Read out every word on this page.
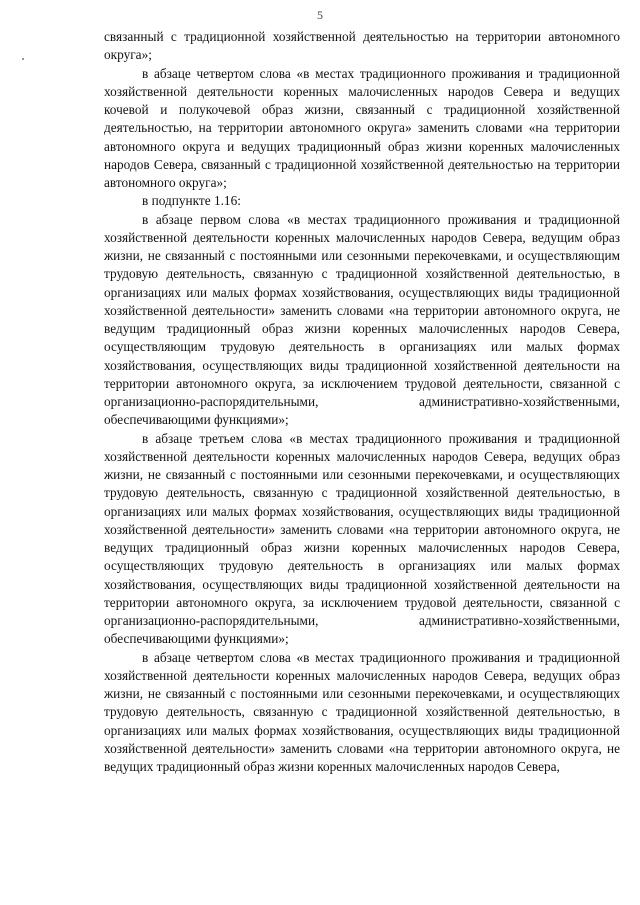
5

связанный с традиционной хозяйственной деятельностью на территории автономного округа»;

в абзаце четвертом слова «в местах традиционного проживания и традиционной хозяйственной деятельности коренных малочисленных народов Севера и ведущих кочевой и полукочевой образ жизни, связанный с традиционной хозяйственной деятельностью, на территории автономного округа» заменить словами «на территории автономного округа и ведущих традиционный образ жизни коренных малочисленных народов Севера, связанный с традиционной хозяйственной деятельностью на территории автономного округа»;

в подпункте 1.16:

в абзаце первом слова «в местах традиционного проживания и традиционной хозяйственной деятельности коренных малочисленных народов Севера, ведущим образ жизни, не связанный с постоянными или сезонными перекочевками, и осуществляющим трудовую деятельность, связанную с традиционной хозяйственной деятельностью, в организациях или малых формах хозяйствования, осуществляющих виды традиционной хозяйственной деятельности» заменить словами «на территории автономного округа, не ведущим традиционный образ жизни коренных малочисленных народов Севера, осуществляющим трудовую деятельность в организациях или малых формах хозяйствования, осуществляющих виды традиционной хозяйственной деятельности на территории автономного округа, за исключением трудовой деятельности, связанной с организационно-распорядительными, административно-хозяйственными, обеспечивающими функциями»;

в абзаце третьем слова «в местах традиционного проживания и традиционной хозяйственной деятельности коренных малочисленных народов Севера, ведущих образ жизни, не связанный с постоянными или сезонными перекочевками, и осуществляющих трудовую деятельность, связанную с традиционной хозяйственной деятельностью, в организациях или малых формах хозяйствования, осуществляющих виды традиционной хозяйственной деятельности» заменить словами «на территории автономного округа, не ведущих традиционный образ жизни коренных малочисленных народов Севера, осуществляющих трудовую деятельность в организациях или малых формах хозяйствования, осуществляющих виды традиционной хозяйственной деятельности на территории автономного округа, за исключением трудовой деятельности, связанной с организационно-распорядительными, административно-хозяйственными, обеспечивающими функциями»;

в абзаце четвертом слова «в местах традиционного проживания и традиционной хозяйственной деятельности коренных малочисленных народов Севера, ведущих образ жизни, не связанный с постоянными или сезонными перекочевками, и осуществляющих трудовую деятельность, связанную с традиционной хозяйственной деятельностью, в организациях или малых формах хозяйствования, осуществляющих виды традиционной хозяйственной деятельности» заменить словами «на территории автономного округа, не ведущих традиционный образ жизни коренных малочисленных народов Севера,
